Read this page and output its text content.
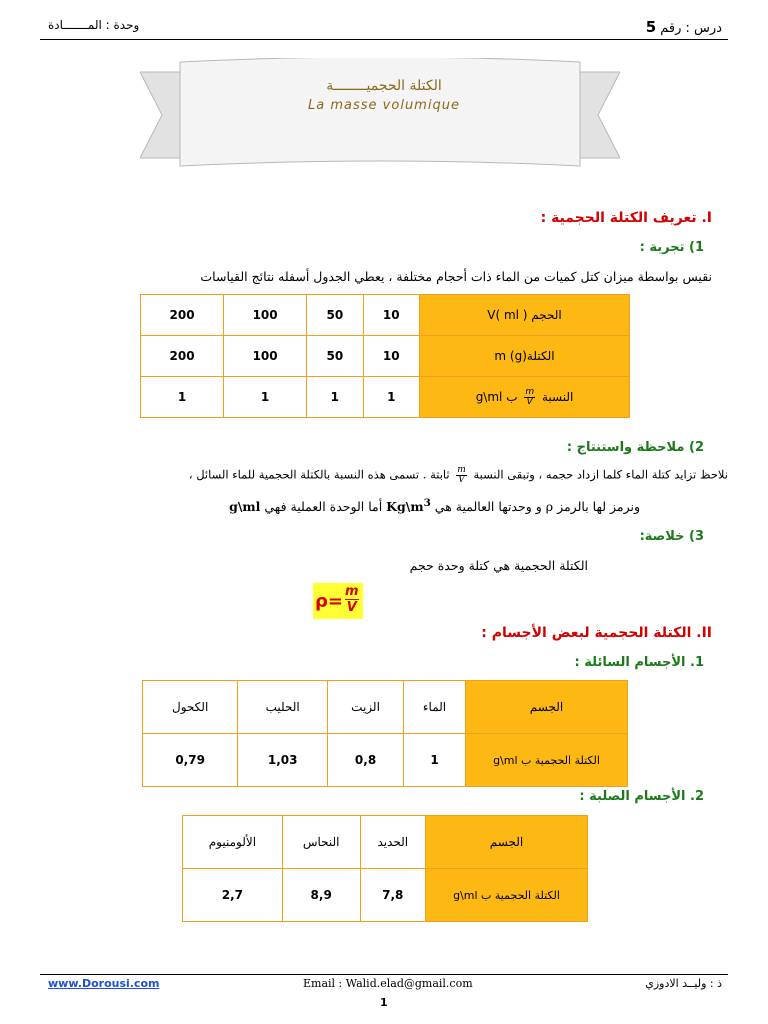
درس : رقم 5
وحدة : المـــــــادة
الكتلة الحجميــــــــة
La masse volumique
I. تعريف الكتلة الحجمية :
1) تجربة :
نقيس بواسطة ميزان كتل كميات من الماء ذات أحجام مختلفة ، يعطي الجدول أسفله نتائج القياسات
200	100	50	10	الحجم V( ml )
200	100	50	10	الكتلة(m (g
1	1	1	1	النسبة
$\frac{m}{V}$
ب g\ml
2) ملاحظة واستنتاج :
نلاحظ تزايد كتلة الماء كلما ازداد حجمه ، وتبقى النسبة
$\frac{m}{V}$
ثابتة . تسمى هذه النسبة بالكتلة الحجمية للماء السائل ،
ونرمز لها بالرمز ρ و وحدتها العالمية هي $Kg\backslash m^3$ أما الوحدة العملية فهي g\ml
3) خلاصة:
الكتلة الحجمية هي كتلة وحدة حجم
$\rho= \frac{m}{V}$
II. الكتلة الحجمية لبعض الأجسام :
1. الأجسام السائلة :
الكحول	الحليب	الزيت	الماء	الجسم
0,79	1,03	0,8	1	الكتلة الحجمية ب g\ml
2. الأجسام الصلبة :
الألومنيوم	النحاس	الحديد	الجسم
2,7	8,9	7,8	الكتلة الحجمية ب g\ml
www.Dorousi.com	Email : Walid.elad@gmail.com	ذ : وليــد الادوزي
1
